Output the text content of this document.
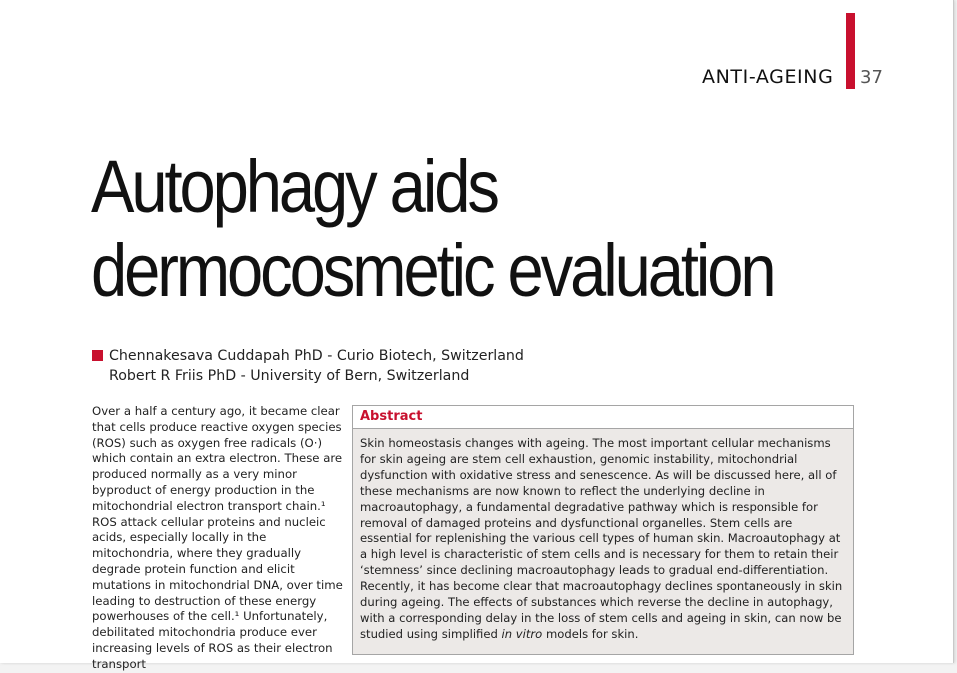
ANTI-AGEING 37
Autophagy aids
dermocosmetic evaluation
Chennakesava Cuddapah PhD - Curio Biotech, Switzerland
Robert R Friis PhD - University of Bern, Switzerland

Over a half a century ago, it became clear that cells produce reactive oxygen species (ROS) such as oxygen free radicals (O·) which contain an extra electron. These are produced normally as a very minor byproduct of energy production in the mitochondrial electron transport chain.¹ ROS attack cellular proteins and nucleic acids, especially locally in the mitochondria, where they gradually degrade protein function and elicit mutations in mitochondrial DNA, over time leading to destruction of these energy powerhouses of the cell.¹ Unfortunately, debilitated mitochondria produce ever increasing levels of ROS as their electron transport

Abstract

Skin homeostasis changes with ageing. The most important cellular mechanisms for skin ageing are stem cell exhaustion, genomic instability, mitochondrial dysfunction with oxidative stress and senescence. As will be discussed here, all of these mechanisms are now known to reflect the underlying decline in macroautophagy, a fundamental degradative pathway which is responsible for removal of damaged proteins and dysfunctional organelles. Stem cells are essential for replenishing the various cell types of human skin. Macroautophagy at a high level is characteristic of stem cells and is necessary for them to retain their ‘stemness’ since declining macroautophagy leads to gradual end-differentiation. Recently, it has become clear that macroautophagy declines spontaneously in skin during ageing. The effects of substances which reverse the decline in autophagy, with a corresponding delay in the loss of stem cells and ageing in skin, can now be studied using simplified in vitro models for skin.
